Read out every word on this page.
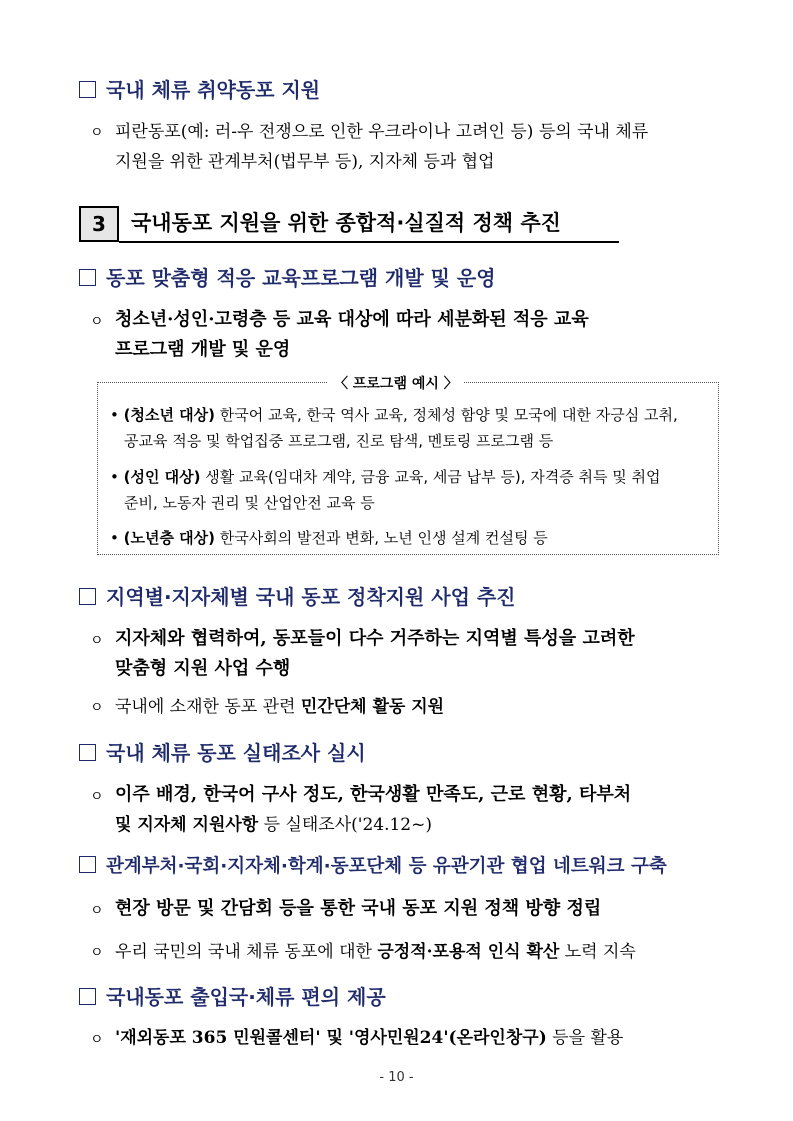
국내 체류 취약동포 지원
ㅇ 피란동포(예: 러-우 전쟁으로 인한 우크라이나 고려인 등) 등의 국내 체류
지원을 위한 관계부처(법무부 등), 지자체 등과 협업
3	국내동포 지원을 위한 종합적·실질적 정책 추진
동포 맞춤형 적응 교육프로그램 개발 및 운영
ㅇ 청소년·성인·고령층 등 교육 대상에 따라 세분화된 적응 교육
프로그램 개발 및 운영
〈 프로그램 예시 〉
• (청소년 대상) 한국어 교육, 한국 역사 교육, 정체성 함양 및 모국에 대한 자긍심 고취,
공교육 적응 및 학업집중 프로그램, 진로 탐색, 멘토링 프로그램 등
• (성인 대상) 생활 교육(임대차 계약, 금융 교육, 세금 납부 등), 자격증 취득 및 취업
준비, 노동자 권리 및 산업안전 교육 등
• (노년층 대상) 한국사회의 발전과 변화, 노년 인생 설계 컨설팅 등
지역별·지자체별 국내 동포 정착지원 사업 추진
ㅇ 지자체와 협력하여, 동포들이 다수 거주하는 지역별 특성을 고려한
맞춤형 지원 사업 수행
ㅇ 국내에 소재한 동포 관련 민간단체 활동 지원
국내 체류 동포 실태조사 실시
ㅇ 이주 배경, 한국어 구사 정도, 한국생활 만족도, 근로 현황, 타부처
및 지자체 지원사항 등 실태조사('24.12~)
관계부처·국회·지자체·학계·동포단체 등 유관기관 협업 네트워크 구축
ㅇ 현장 방문 및 간담회 등을 통한 국내 동포 지원 정책 방향 정립
ㅇ 우리 국민의 국내 체류 동포에 대한 긍정적·포용적 인식 확산 노력 지속
국내동포 출입국·체류 편의 제공
ㅇ '재외동포 365 민원콜센터' 및 '영사민원24'(온라인창구) 등을 활용
- 10 -
